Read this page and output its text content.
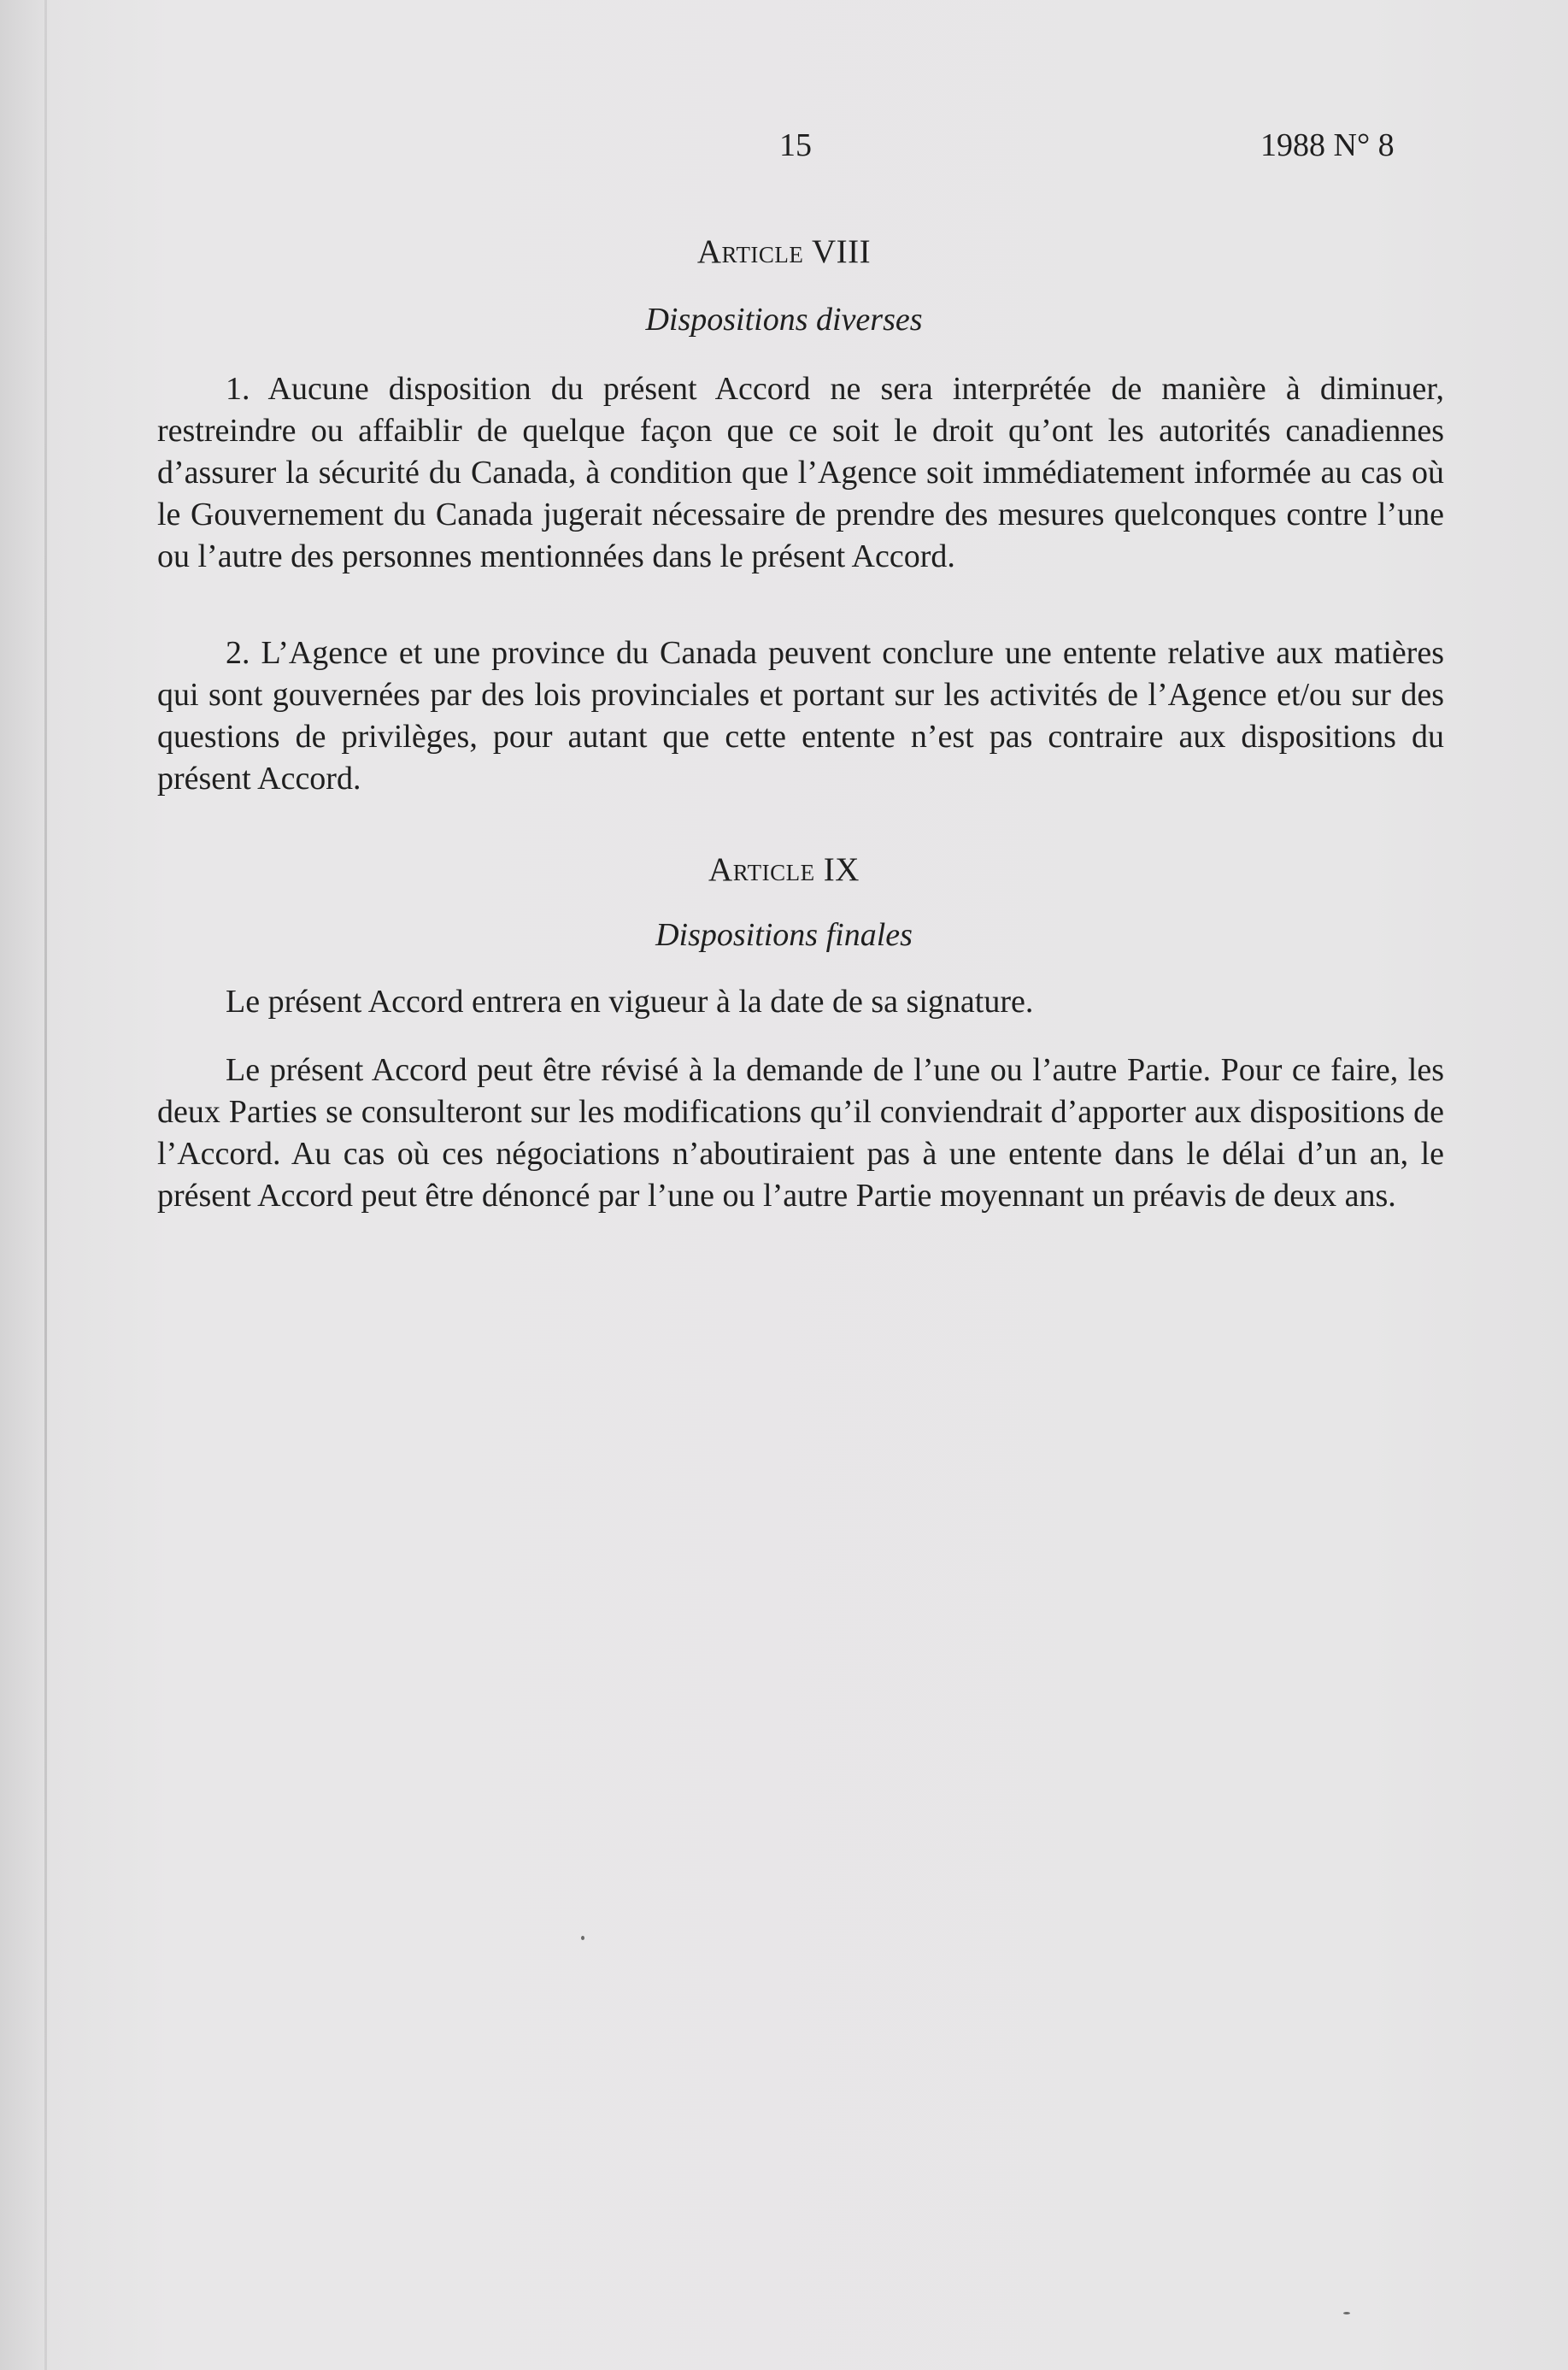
15	1988 N° 8
Article VIII
Dispositions diverses

1. Aucune disposition du présent Accord ne sera interprétée de manière à diminuer, restreindre ou affaiblir de quelque façon que ce soit le droit qu’ont les autorités canadiennes d’assurer la sécurité du Canada, à condition que l’Agence soit immédiatement informée au cas où le Gouvernement du Canada jugerait nécessaire de prendre des mesures quelconques contre l’une ou l’autre des personnes mentionnées dans le présent Accord.

2. L’Agence et une province du Canada peuvent conclure une entente relative aux matières qui sont gouvernées par des lois provinciales et portant sur les activités de l’Agence et/ou sur des questions de privilèges, pour autant que cette entente n’est pas contraire aux dispositions du présent Accord.

Article IX
Dispositions finales

Le présent Accord entrera en vigueur à la date de sa signature.

Le présent Accord peut être révisé à la demande de l’une ou l’autre Partie. Pour ce faire, les deux Parties se consulteront sur les modifications qu’il conviendrait d’apporter aux dispositions de l’Accord. Au cas où ces négociations n’aboutiraient pas à une entente dans le délai d’un an, le présent Accord peut être dénoncé par l’une ou l’autre Partie moyennant un préavis de deux ans.
